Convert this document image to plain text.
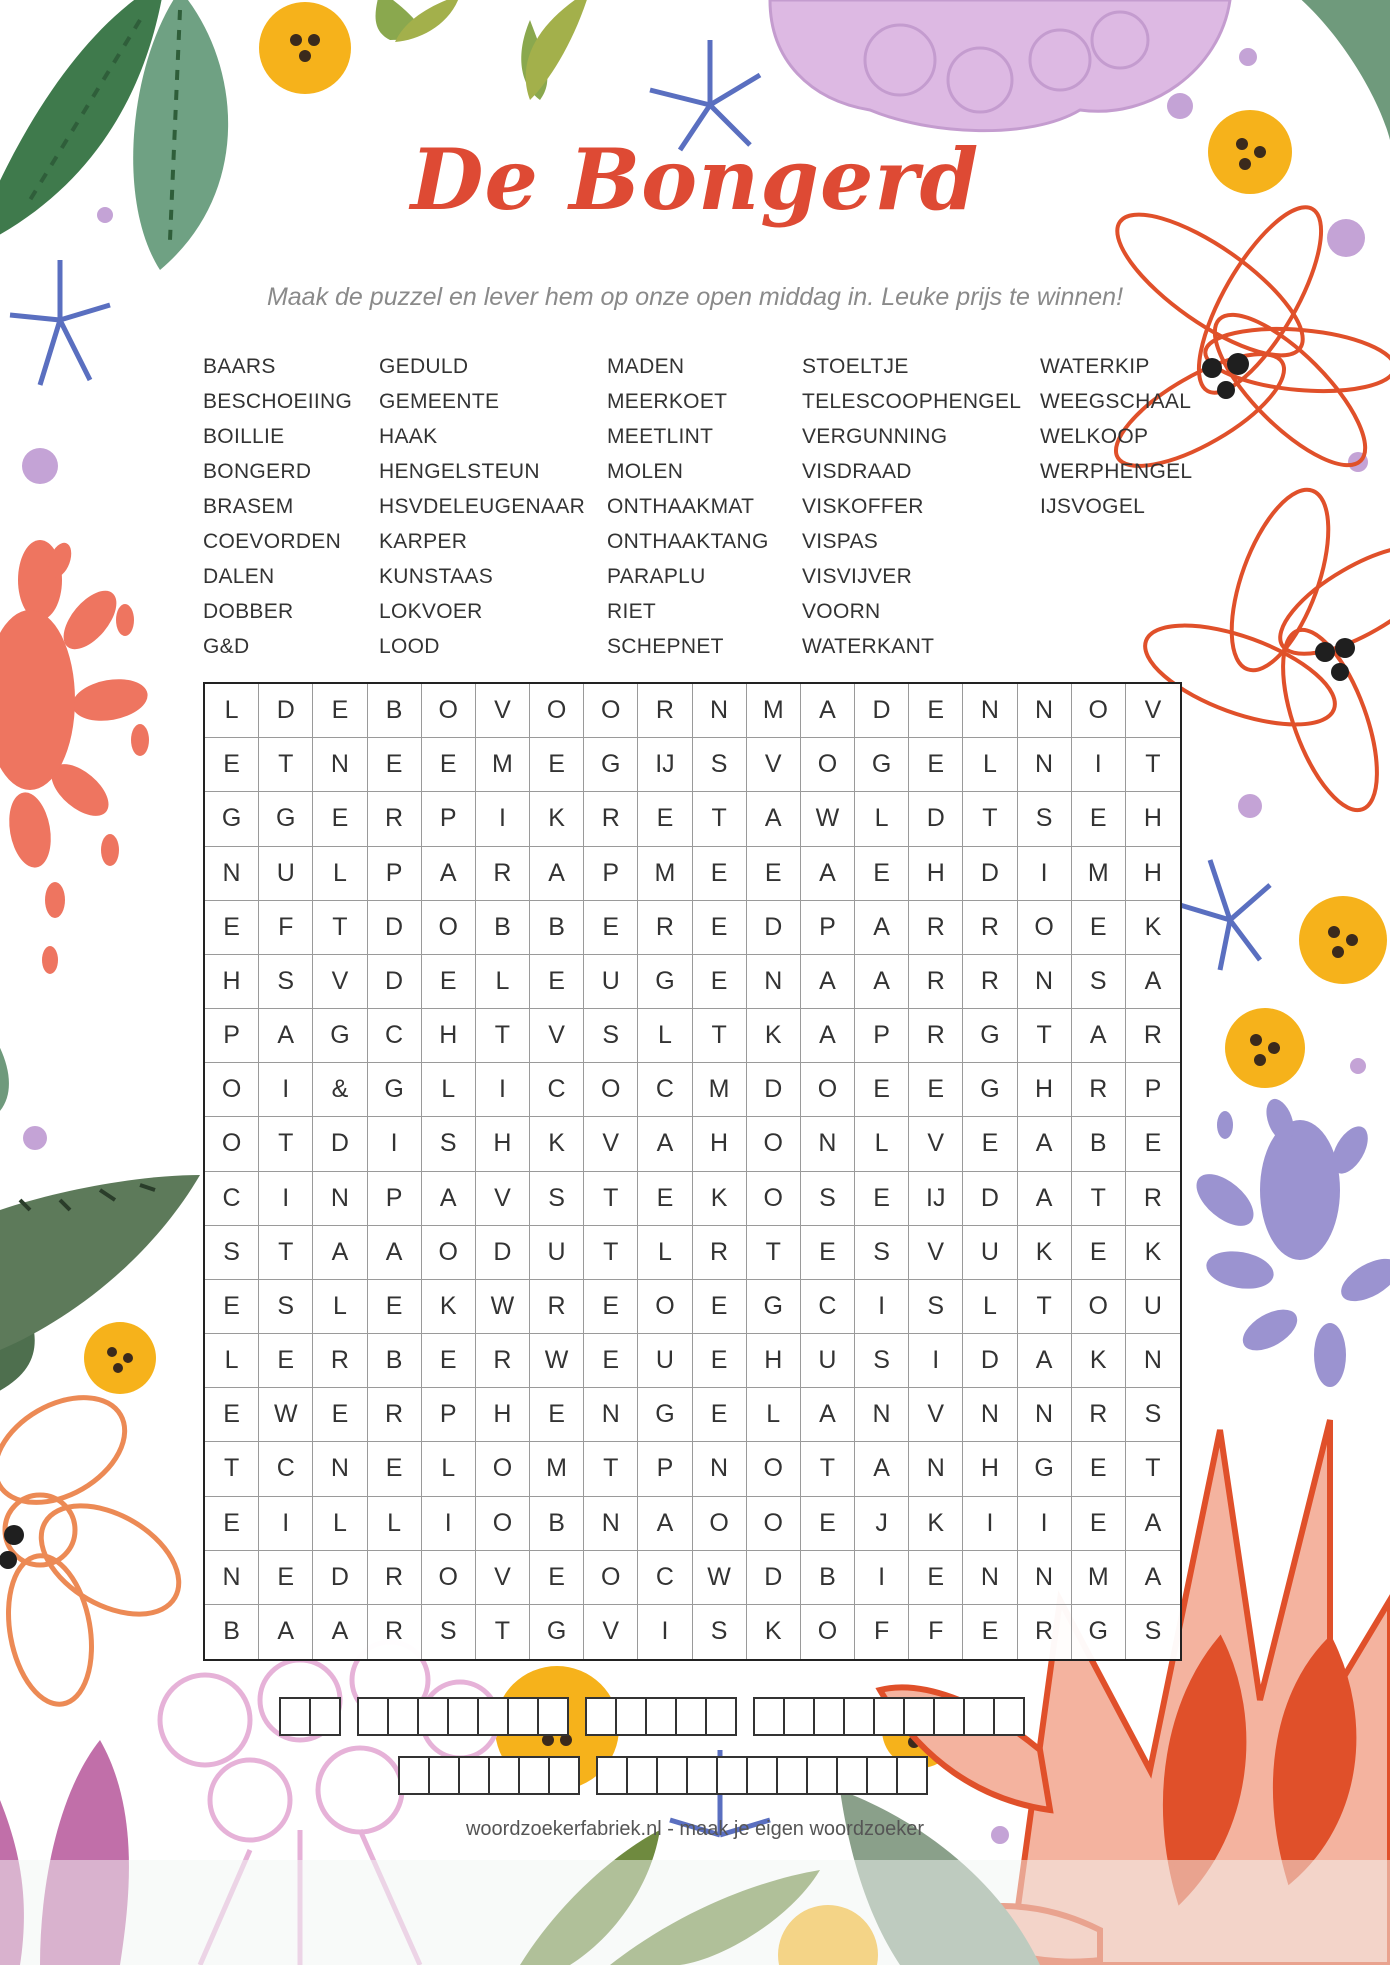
De Bongerd
Maak de puzzel en lever hem op onze open middag in. Leuke prijs te winnen!
BAARS
BESCHOEIING
BOILLIE
BONGERD
BRASEM
COEVORDEN
DALEN
DOBBER
G&D
GEDULD
GEMEENTE
HAAK
HENGELSTEUN
HSVDELEUGENAAR
KARPER
KUNSTAAS
LOKVOER
LOOD
MADEN
MEERKOET
MEETLINT
MOLEN
ONTHAAKMAT
ONTHAAKTANG
PARAPLU
RIET
SCHEPNET
STOELTJE
TELESCOOPHENGEL
VERGUNNING
VISDRAAD
VISKOFFER
VISPAS
VISVIJVER
VOORN
WATERKANT
WATERKIP
WEEGSCHAAL
WELKOOP
WERPHENGEL
IJSVOGEL
L	D	E	B	O	V	O	O	R	N	M	A	D	E	N	N	O	V
E	T	N	E	E	M	E	G	IJ	S	V	O	G	E	L	N	I	T
G	G	E	R	P	I	K	R	E	T	A	W	L	D	T	S	E	H
N	U	L	P	A	R	A	P	M	E	E	A	E	H	D	I	M	H
E	F	T	D	O	B	B	E	R	E	D	P	A	R	R	O	E	K
H	S	V	D	E	L	E	U	G	E	N	A	A	R	R	N	S	A
P	A	G	C	H	T	V	S	L	T	K	A	P	R	G	T	A	R
O	I	&	G	L	I	C	O	C	M	D	O	E	E	G	H	R	P
O	T	D	I	S	H	K	V	A	H	O	N	L	V	E	A	B	E
C	I	N	P	A	V	S	T	E	K	O	S	E	IJ	D	A	T	R
S	T	A	A	O	D	U	T	L	R	T	E	S	V	U	K	E	K
E	S	L	E	K	W	R	E	O	E	G	C	I	S	L	T	O	U
L	E	R	B	E	R	W	E	U	E	H	U	S	I	D	A	K	N
E	W	E	R	P	H	E	N	G	E	L	A	N	V	N	N	R	S
T	C	N	E	L	O	M	T	P	N	O	T	A	N	H	G	E	T
E	I	L	L	I	O	B	N	A	O	O	E	J	K	I	I	E	A
N	E	D	R	O	V	E	O	C	W	D	B	I	E	N	N	M	A
B	A	A	R	S	T	G	V	I	S	K	O	F	F	E	R	G	S
woordzoekerfabriek.nl - maak je eigen woordzoeker
